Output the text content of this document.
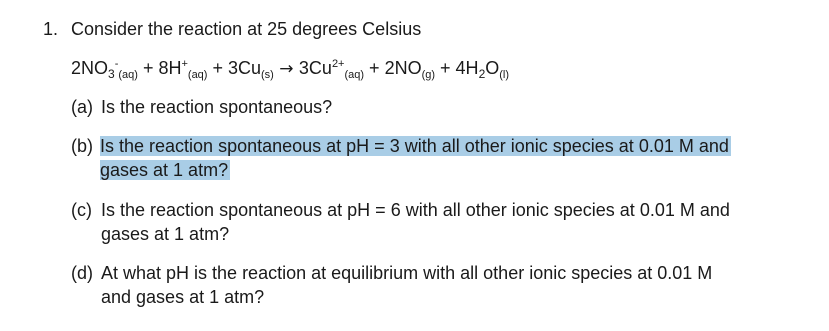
1. Consider the reaction at 25 degrees Celsius
$2NO_3^-_{(aq)} + 8H^+_{(aq)} + 3Cu_{(s)} \to 3Cu^{2+}_{(aq)} + 2NO_{(g)} + 4H_2O_{(l)}$
(a) Is the reaction spontaneous?
(b) Is the reaction spontaneous at pH = 3 with all other ionic species at 0.01 M and
gases at 1 atm?
(c) Is the reaction spontaneous at pH = 6 with all other ionic species at 0.01 M and
gases at 1 atm?
(d) At what pH is the reaction at equilibrium with all other ionic species at 0.01 M
and gases at 1 atm?
